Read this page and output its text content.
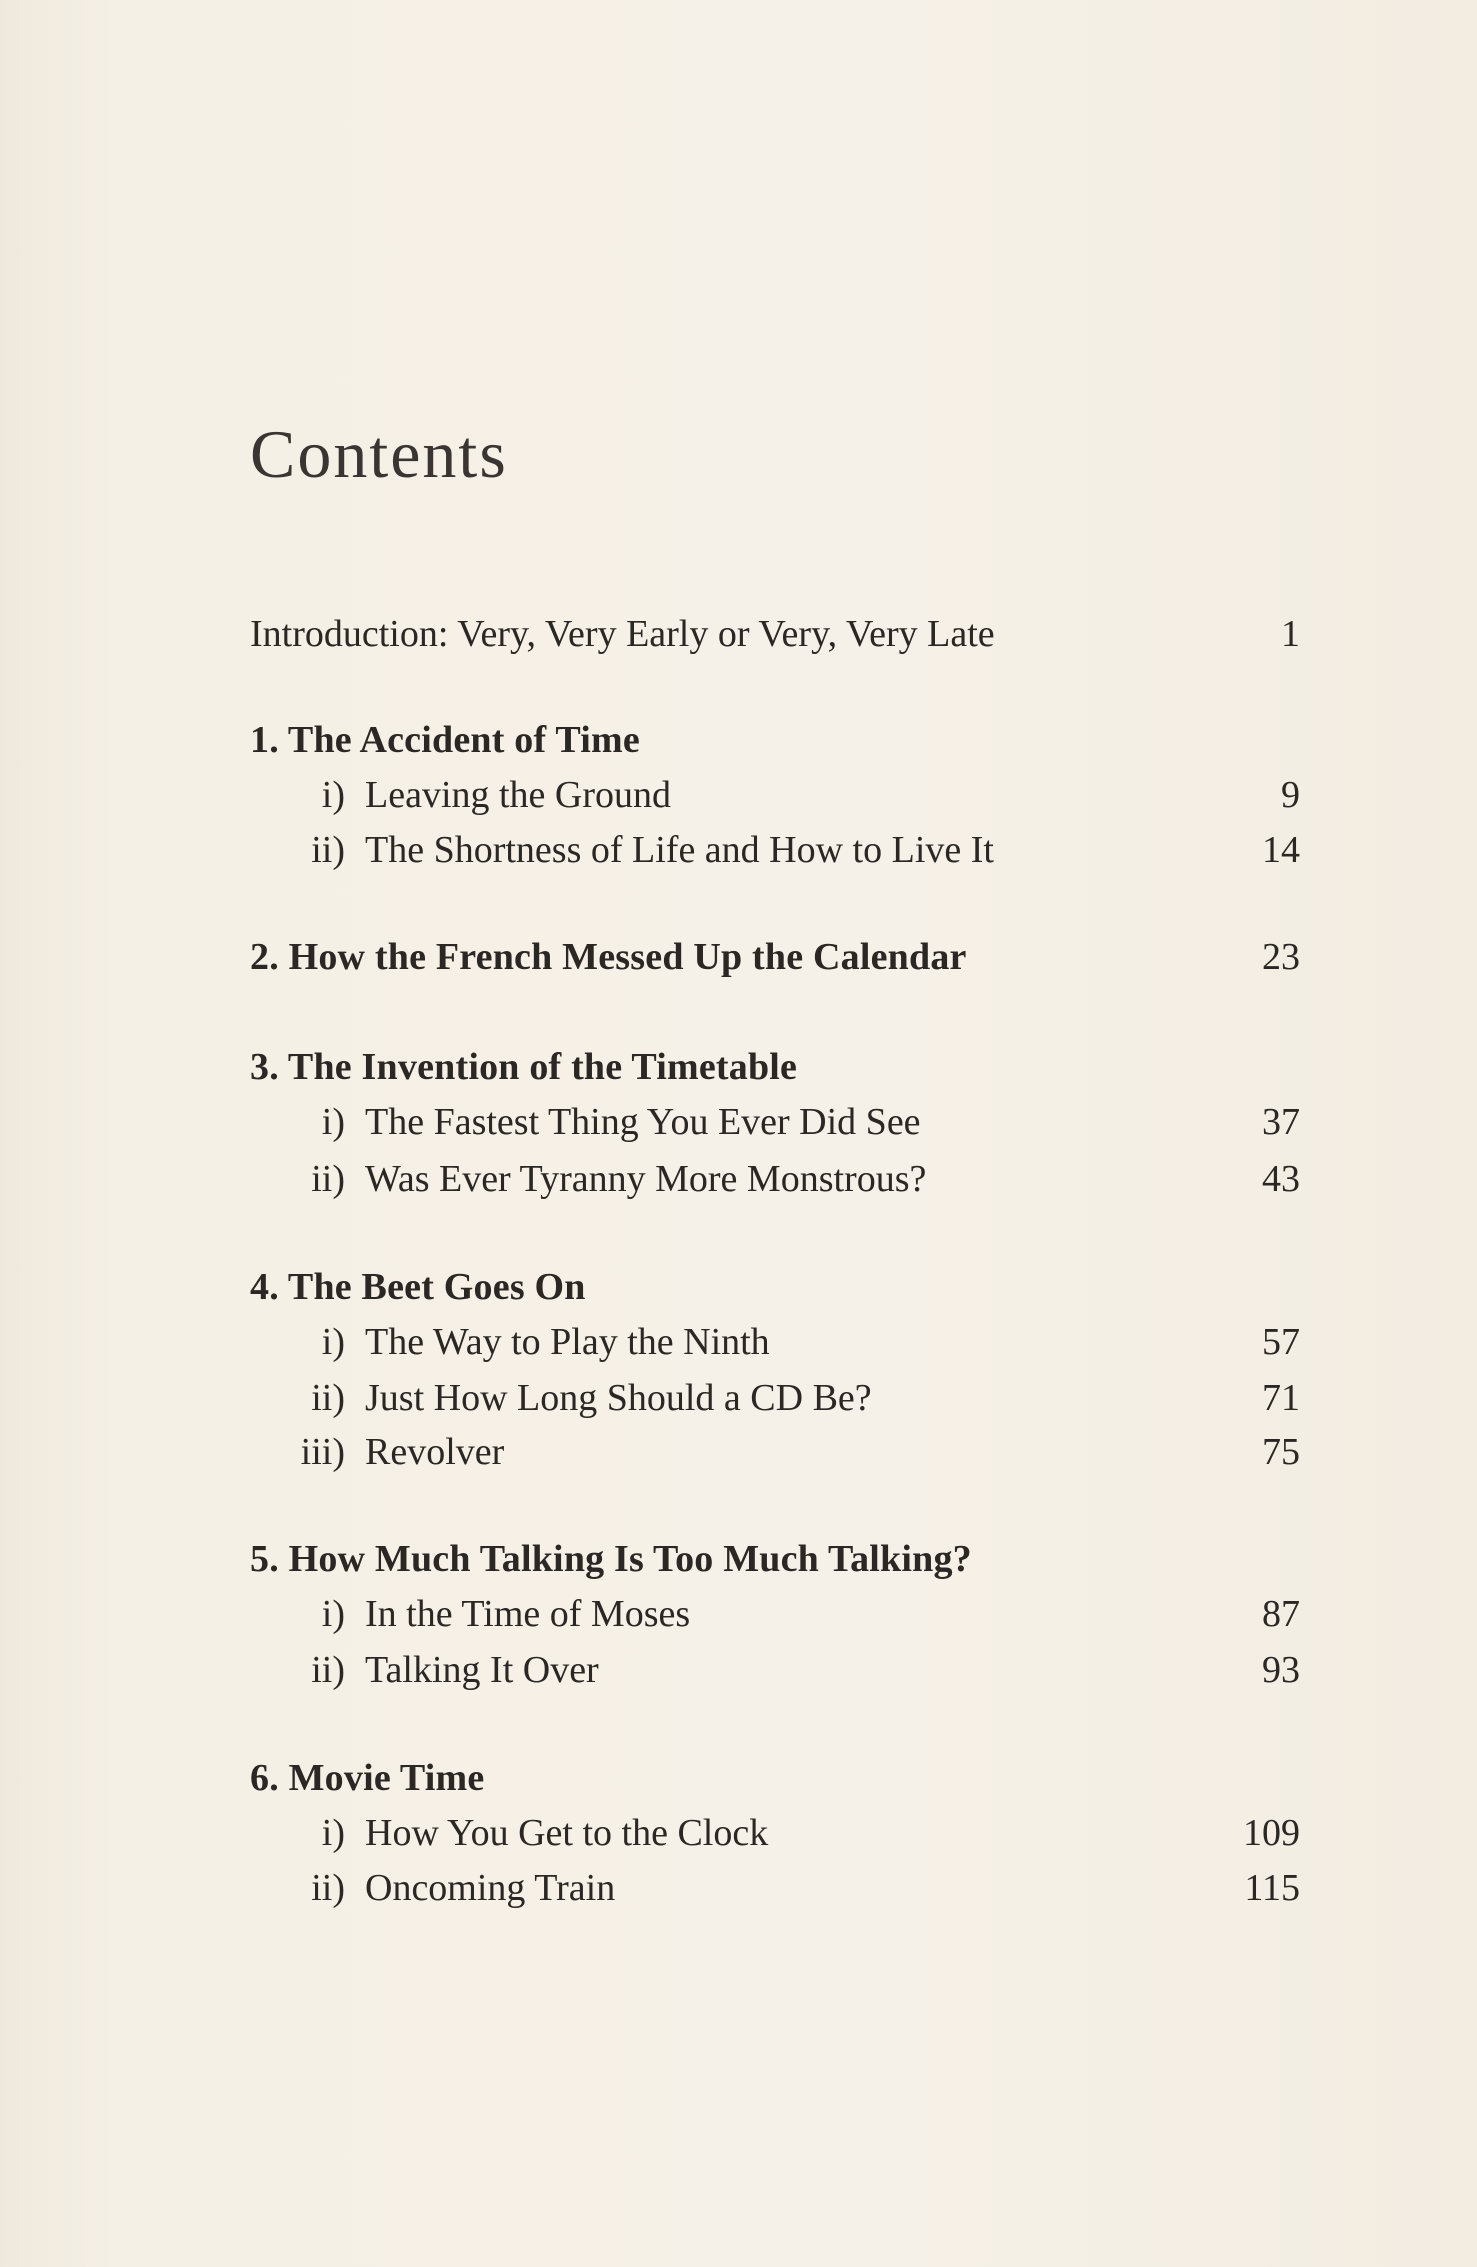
Contents
Introduction: Very, Very Early or Very, Very Late	1
1. The Accident of Time
i) Leaving the Ground	9
ii) The Shortness of Life and How to Live It	14
2. How the French Messed Up the Calendar	23
3. The Invention of the Timetable
i) The Fastest Thing You Ever Did See	37
ii) Was Ever Tyranny More Monstrous?	43
4. The Beet Goes On
i) The Way to Play the Ninth	57
ii) Just How Long Should a CD Be?	71
iii) Revolver	75
5. How Much Talking Is Too Much Talking?
i) In the Time of Moses	87
ii) Talking It Over	93
6. Movie Time
i) How You Get to the Clock	109
ii) Oncoming Train	115
